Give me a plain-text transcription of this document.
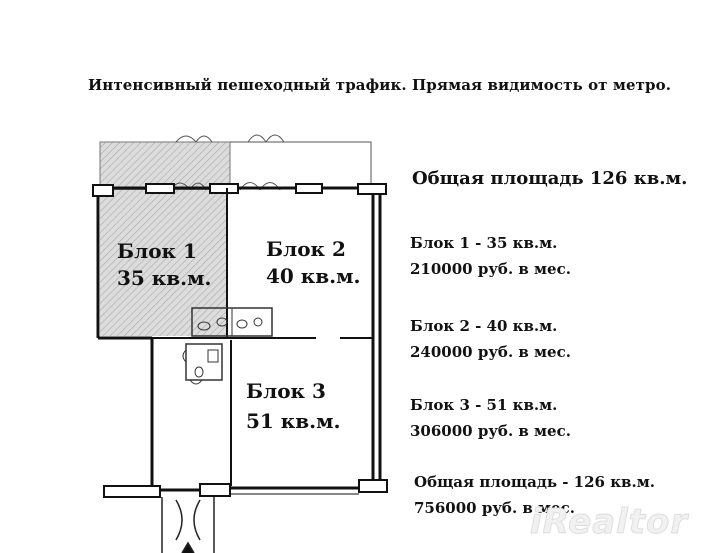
Интенсивный пешеходный трафик. Прямая видимость от метро.
Блок 1
35 кв.м.
Блок 2
40 кв.м.
Блок 3
51 кв.м.
Общая площадь 126 кв.м.
Блок 1 - 35 кв.м.
210000 руб. в мес.
Блок 2 - 40 кв.м.
240000 руб. в мес.
Блок 3 - 51 кв.м.
306000 руб. в мес.
Общая площадь - 126 кв.м.
756000 руб. в мес.
iRealtor
